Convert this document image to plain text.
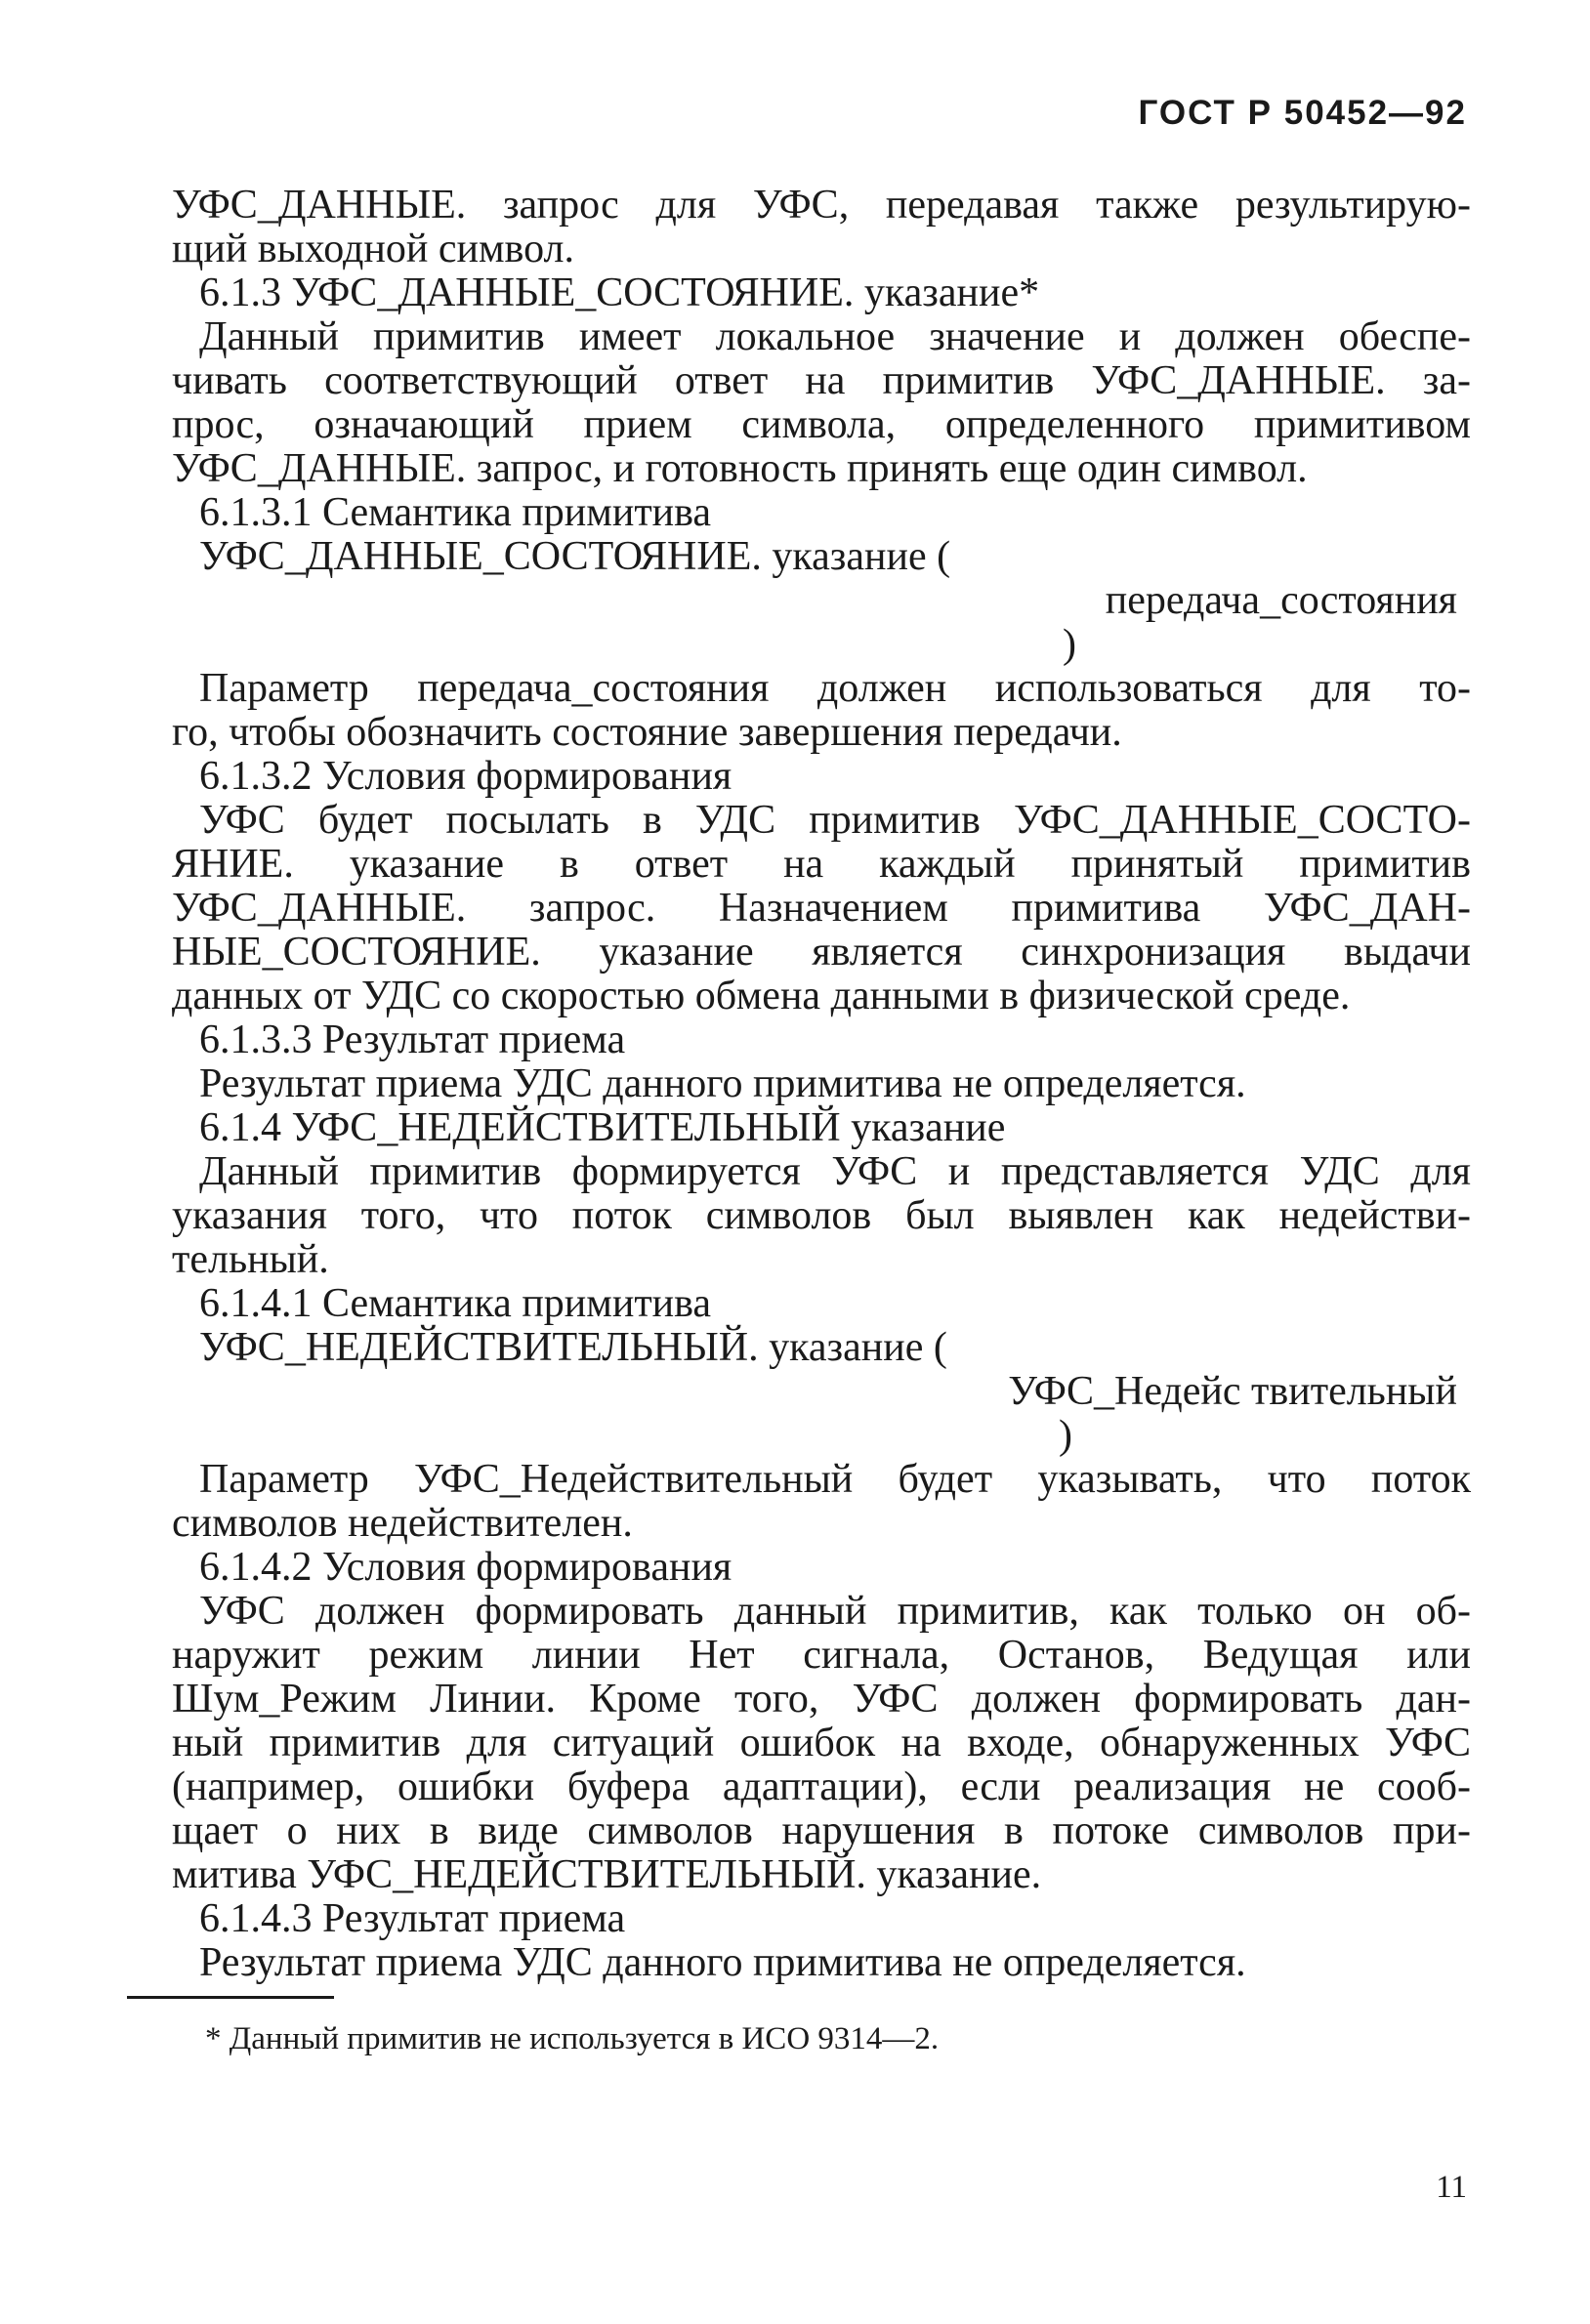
ГОСТ Р 50452—92

УФС_ДАННЫЕ. запрос для УФС, передавая также результирую-

щий выходной символ.

6.1.3 УФС_ДАННЫЕ_СОСТОЯНИЕ. указание*

Данный примитив имеет локальное значение и должен обеспе-

чивать соответствующий ответ на примитив УФС_ДАННЫЕ. за-

прос, означающий прием символа, определенного примитивом

УФС_ДАННЫЕ. запрос, и готовность принять еще один символ.

6.1.3.1 Семантика примитива

УФС_ДАННЫЕ_СОСТОЯНИЕ. указание (

передача_состояния

)

Параметр передача_состояния должен использоваться для то-

го, чтобы обозначить состояние завершения передачи.

6.1.3.2 Условия формирования

УФС будет посылать в УДС примитив УФС_ДАННЫЕ_СОСТО-

ЯНИЕ. указание в ответ на каждый принятый примитив

УФС_ДАННЫЕ. запрос. Назначением примитива УФС_ДАН-

НЫЕ_СОСТОЯНИЕ. указание является синхронизация выдачи

данных от УДС со скоростью обмена данными в физической среде.

6.1.3.3 Результат приема

Результат приема УДС данного примитива не определяется.

6.1.4 УФС_НЕДЕЙСТВИТЕЛЬНЫЙ указание

Данный примитив формируется УФС и представляется УДС для

указания того, что поток символов был выявлен как недействи-

тельный.

6.1.4.1 Семантика примитива

УФС_НЕДЕЙСТВИТЕЛЬНЫЙ. указание (

УФС_Недейс твительный

)

Параметр УФС_Недействительный будет указывать, что поток

символов недействителен.

6.1.4.2 Условия формирования

УФС должен формировать данный примитив, как только он об-

наружит режим линии Нет сигнала, Останов, Ведущая или

Шум_Режим Линии. Кроме того, УФС должен формировать дан-

ный примитив для ситуаций ошибок на входе, обнаруженных УФС

(например, ошибки буфера адаптации), если реализация не сооб-

щает о них в виде символов нарушения в потоке символов при-

митива УФС_НЕДЕЙСТВИТЕЛЬНЫЙ. указание.

6.1.4.3 Результат приема

Результат приема УДС данного примитива не определяется.

* Данный примитив не используется в ИСО 9314—2.
11
